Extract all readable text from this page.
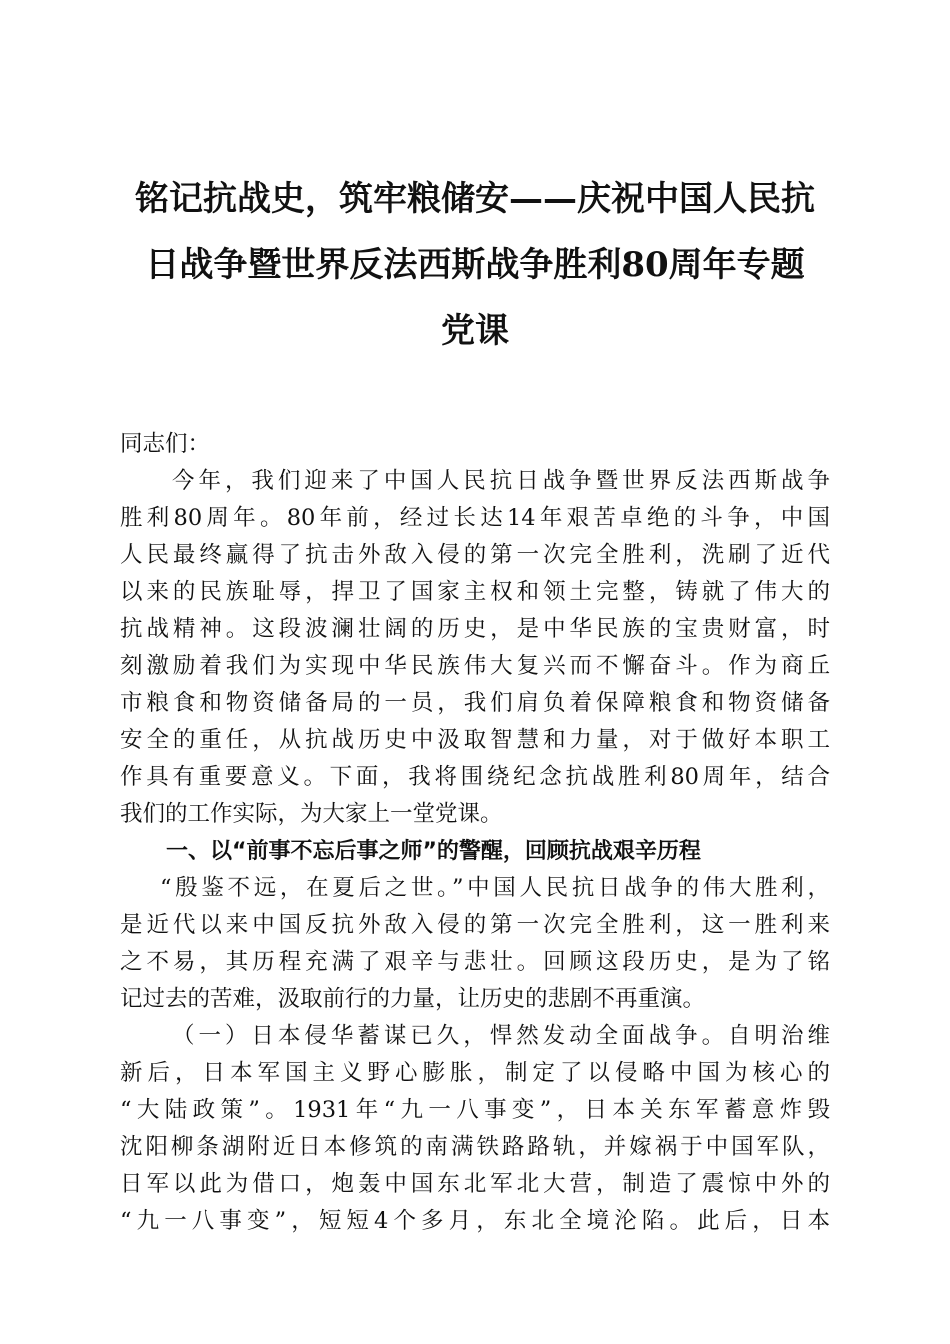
铭记抗战史，筑牢粮储安——庆祝中国人民抗
日战争暨世界反法西斯战争胜利80周年专题
党课
同志们：
今年，我们迎来了中国人民抗日战争暨世界反法西斯战争
胜利80周年。80年前，经过长达14年艰苦卓绝的斗争，中国
人民最终赢得了抗击外敌入侵的第一次完全胜利，洗刷了近代
以来的民族耻辱，捍卫了国家主权和领土完整，铸就了伟大的
抗战精神。这段波澜壮阔的历史，是中华民族的宝贵财富，时
刻激励着我们为实现中华民族伟大复兴而不懈奋斗。作为商丘
市粮食和物资储备局的一员，我们肩负着保障粮食和物资储备
安全的重任，从抗战历史中汲取智慧和力量，对于做好本职工
作具有重要意义。下面，我将围绕纪念抗战胜利80周年，结合
我们的工作实际，为大家上一堂党课。
一、以“前事不忘后事之师”的警醒，回顾抗战艰辛历程
“殷鉴不远，在夏后之世。”中国人民抗日战争的伟大胜利，
是近代以来中国反抗外敌入侵的第一次完全胜利，这一胜利来
之不易，其历程充满了艰辛与悲壮。回顾这段历史，是为了铭
记过去的苦难，汲取前行的力量，让历史的悲剧不再重演。
（一）日本侵华蓄谋已久，悍然发动全面战争。自明治维
新后，日本军国主义野心膨胀，制定了以侵略中国为核心的
“大陆政策”。1931年“九一八事变”，日本关东军蓄意炸毁
沈阳柳条湖附近日本修筑的南满铁路路轨，并嫁祸于中国军队，
日军以此为借口，炮轰中国东北军北大营，制造了震惊中外的
“九一八事变”，短短4个多月，东北全境沦陷。此后，日本
